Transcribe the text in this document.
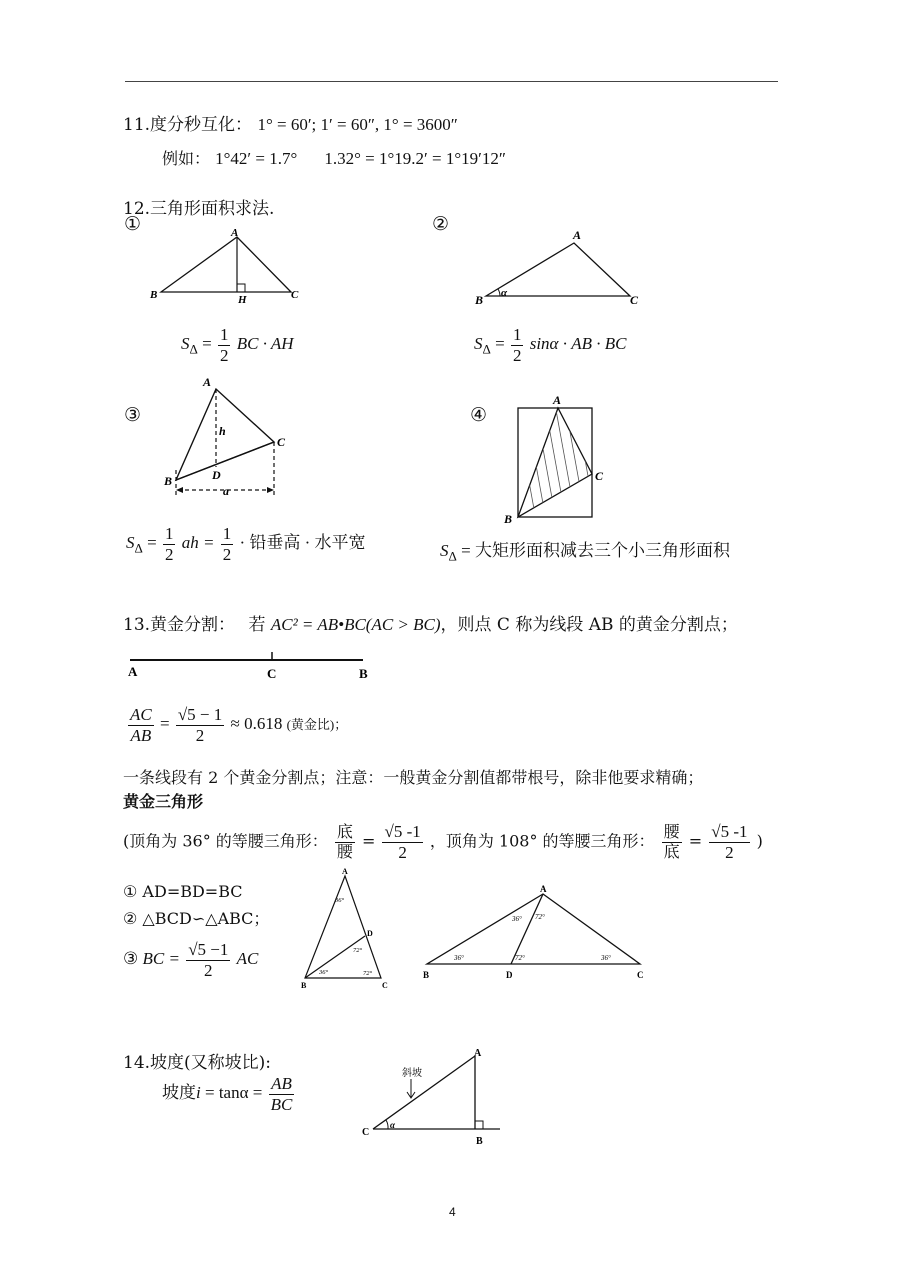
11.度分秒互化： 1° = 60′; 1′ = 60″, 1° = 3600″
例如： 1°42′ = 1.7° 1.32° = 1°19.2′ = 1°19′12″
12.三角形面积求法.
①	②
③	④
A
B	C
H
A
B	C
α
$S_\Delta = \frac{1}{2}$ BC · AH	$S_\Delta = \frac{1}{2}$ sinα · AB · BC
A
B
C
D
h
a
A
B
C
$S_\Delta = \frac{1}{2}$ ah = $\frac{1}{2}$ · 铅垂高 · 水平宽	$S_\Delta$ = 大矩形面积减去三个小三角形面积
13.黄金分割： 若 AC² = AB•BC(AC > BC)，则点 C 称为线段 AB 的黄金分割点；
A	C	B
$\frac{AC}{AB} = \frac{√5 - 1}{2} \approx 0.618$ (黄金比)；
一条线段有 2 个黄金分割点；注意：一般黄金分割值都带根号，除非他要求精确；
黄金三角形
(顶角为 36° 的等腰三角形： $\frac{\text{底}}{\text{腰}} = \frac{√5 -1}{2}$ ，顶角为 108° 的等腰三角形： $\frac{\text{腰}}{\text{底}} = \frac{√5 -1}{2}$ )
① AD=BD=BC
② △BCD∽△ABC；
③ BC = $\frac{√5 -1}{2}$ AC
A
B	C
D
36°
36°
72°
72°
A
B	D	C
36° 72°
36°	72°	36°
14.坡度(又称坡比):
坡度$i = \tan\alpha = \frac{AB}{BC}$
A
B
C
α
斜坡
4
